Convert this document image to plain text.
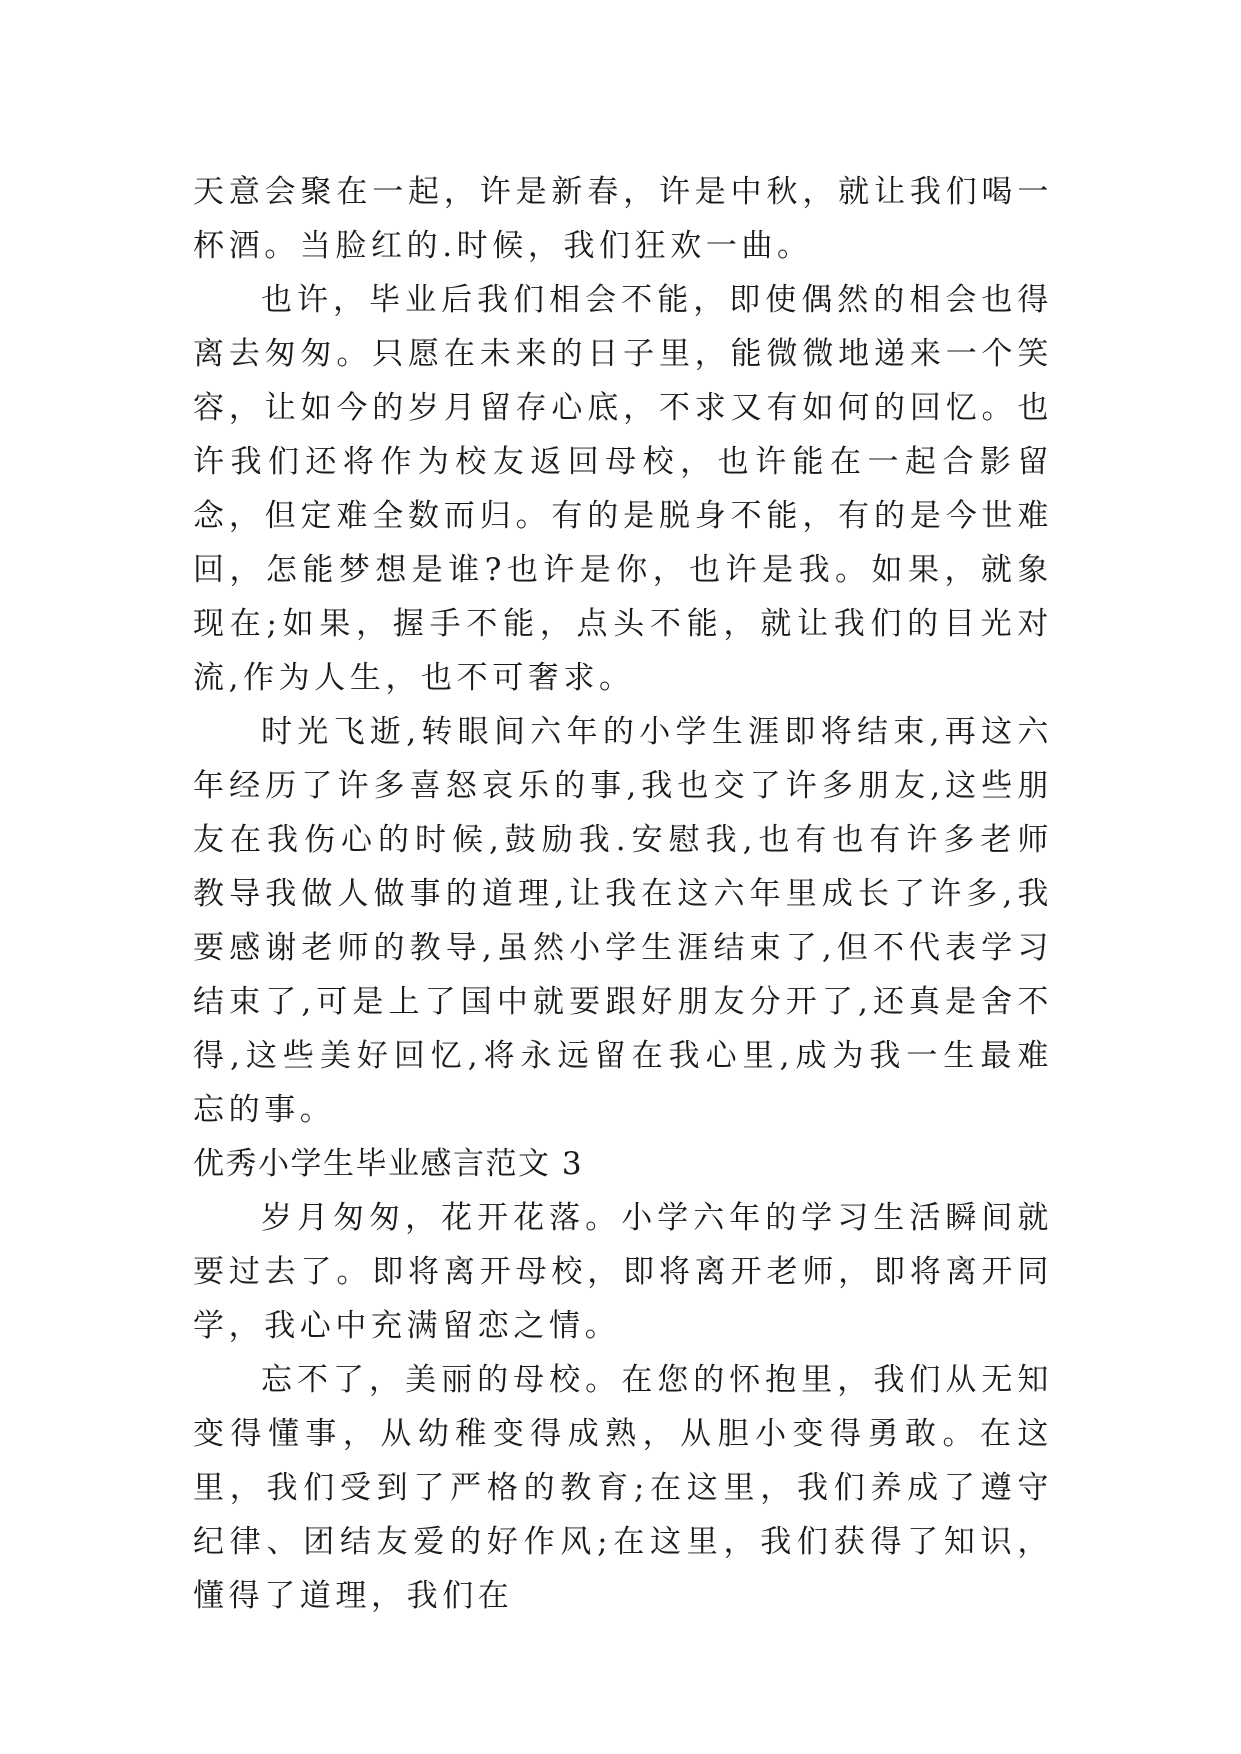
天意会聚在一起，许是新春，许是中秋，就让我们喝一杯酒。当脸红的.时候，我们狂欢一曲。

也许，毕业后我们相会不能，即使偶然的相会也得离去匆匆。只愿在未来的日子里，能微微地递来一个笑容，让如今的岁月留存心底，不求又有如何的回忆。也许我们还将作为校友返回母校，也许能在一起合影留念，但定难全数而归。有的是脱身不能，有的是今世难回，怎能梦想是谁?也许是你，也许是我。如果，就象现在;如果，握手不能，点头不能，就让我们的目光对流,作为人生，也不可奢求。

时光飞逝,转眼间六年的小学生涯即将结束,再这六年经历了许多喜怒哀乐的事,我也交了许多朋友,这些朋友在我伤心的时候,鼓励我.安慰我,也有也有许多老师教导我做人做事的道理,让我在这六年里成长了许多,我要感谢老师的教导,虽然小学生涯结束了,但不代表学习结束了,可是上了国中就要跟好朋友分开了,还真是舍不得,这些美好回忆,将永远留在我心里,成为我一生最难忘的事。

优秀小学生毕业感言范文 3

岁月匆匆，花开花落。小学六年的学习生活瞬间就要过去了。即将离开母校，即将离开老师，即将离开同学，我心中充满留恋之情。

忘不了，美丽的母校。在您的怀抱里，我们从无知变得懂事，从幼稚变得成熟，从胆小变得勇敢。在这里，我们受到了严格的教育;在这里，我们养成了遵守纪律、团结友爱的好作风;在这里，我们获得了知识，懂得了道理，我们在
